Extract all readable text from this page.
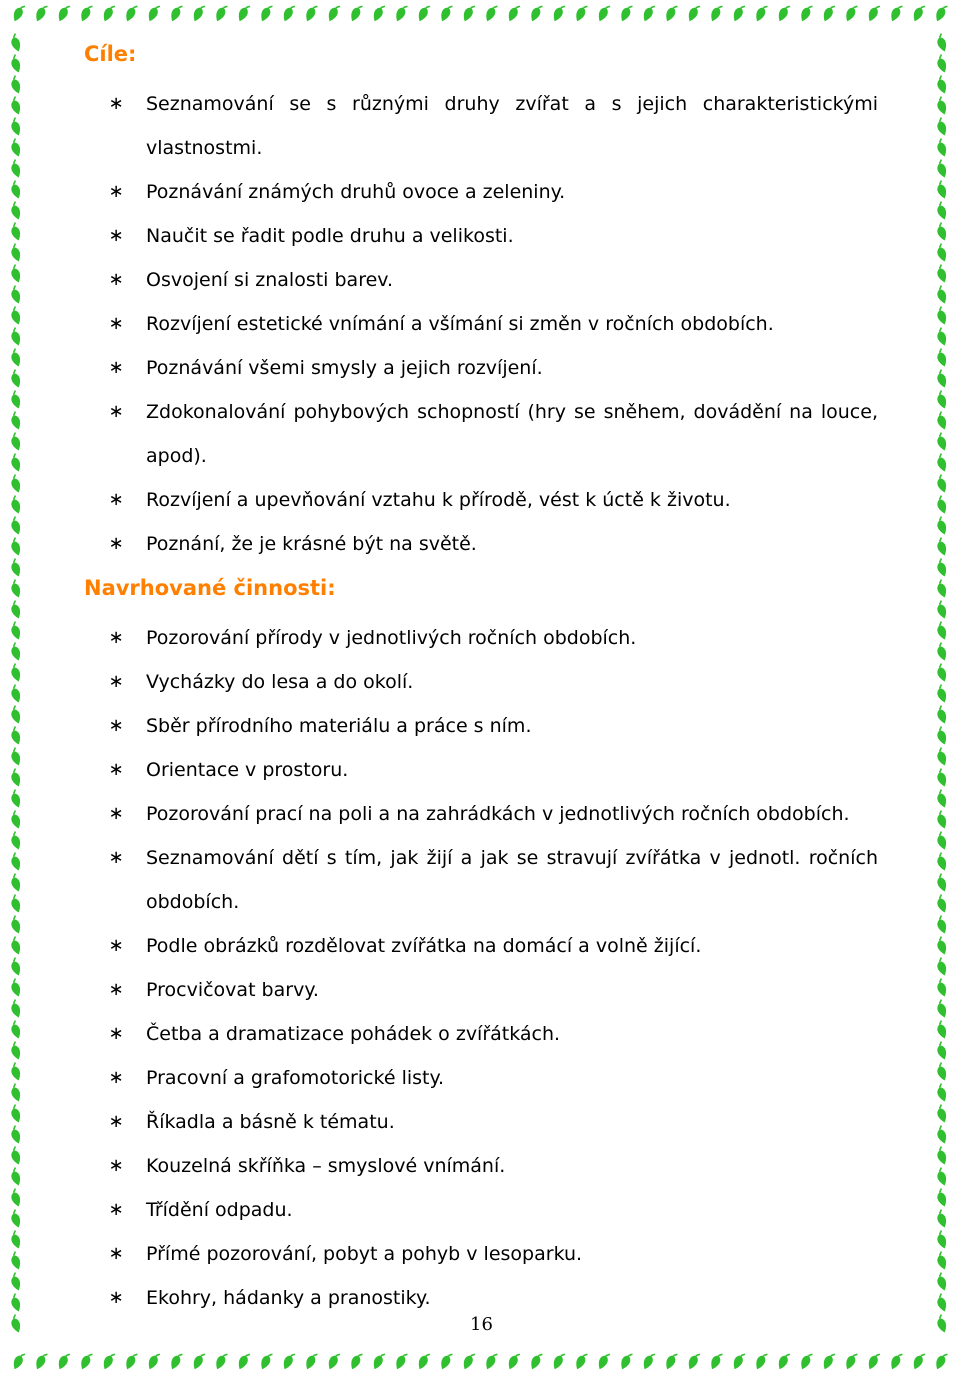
Cíle:
∗ Seznamování se s různými druhy zvířat a s jejich charakteristickými vlastnostmi.
∗ Poznávání známých druhů ovoce a zeleniny.
∗ Naučit se řadit podle druhu a velikosti.
∗ Osvojení si znalosti barev.
∗ Rozvíjení estetické vnímání a všímání si změn v ročních obdobích.
∗ Poznávání všemi smysly a jejich rozvíjení.
∗ Zdokonalování pohybových schopností (hry se sněhem, dovádění na louce, apod).
∗ Rozvíjení a upevňování vztahu k přírodě, vést k úctě k životu.
∗ Poznání, že je krásné být na světě.
Navrhované činnosti:
∗ Pozorování přírody v jednotlivých ročních obdobích.
∗ Vycházky do lesa a do okolí.
∗ Sběr přírodního materiálu a práce s ním.
∗ Orientace v prostoru.
∗ Pozorování prací na poli a na zahrádkách v jednotlivých ročních obdobích.
∗ Seznamování dětí s tím, jak žijí a jak se stravují zvířátka v jednotl. ročních obdobích.
∗ Podle obrázků rozdělovat zvířátka na domácí a volně žijící.
∗ Procvičovat barvy.
∗ Četba a dramatizace pohádek o zvířátkách.
∗ Pracovní a grafomotorické listy.
∗ Říkadla a básně k tématu.
∗ Kouzelná skříňka – smyslové vnímání.
∗ Třídění odpadu.
∗ Přímé pozorování, pobyt a pohyb v lesoparku.
∗ Ekohry, hádanky a pranostiky.
16
